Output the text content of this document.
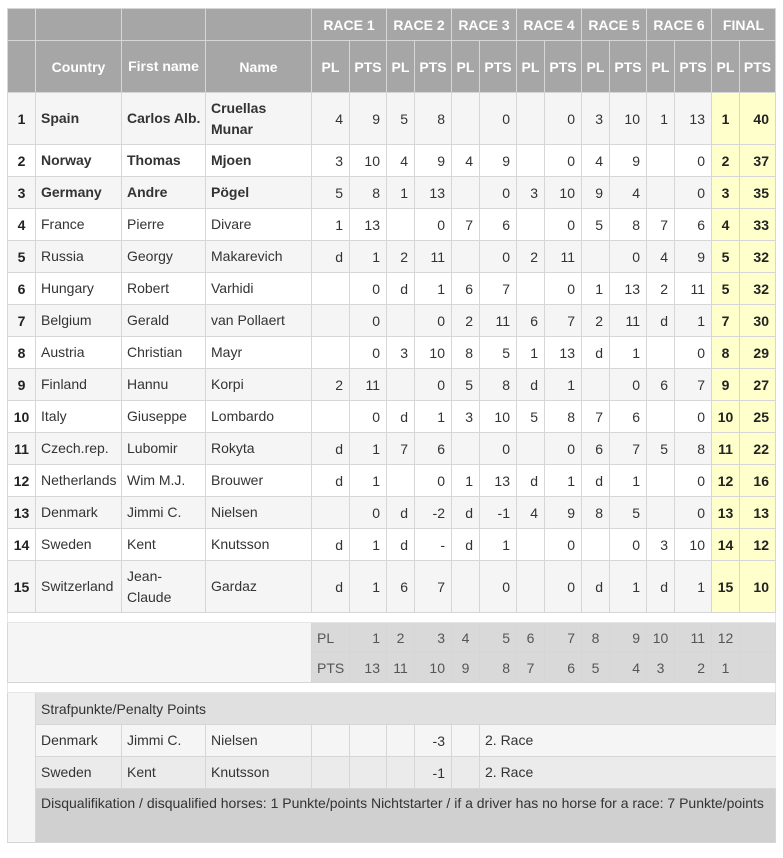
				RACE 1		RACE 2		RACE 3		RACE 4		RACE 5		RACE 6		FINAL	
	Country	First name	Name	PL	PTS	PL	PTS	PL	PTS	PL	PTS	PL	PTS	PL	PTS	PL	PTS
1	Spain	Carlos Alb.	Cruellas Munar	4	9	5	8		0		0	3	10	1	13	1	40
2	Norway	Thomas	Mjoen	3	10	4	9	4	9		0	4	9		0	2	37
3	Germany	Andre	Pögel	5	8	1	13		0	3	10	9	4		0	3	35
4	France	Pierre	Divare	1	13		0	7	6		0	5	8	7	6	4	33
5	Russia	Georgy	Makarevich	d	1	2	11		0	2	11		0	4	9	5	32
6	Hungary	Robert	Varhidi		0	d	1	6	7		0	1	13	2	11	5	32
7	Belgium	Gerald	van Pollaert		0		0	2	11	6	7	2	11	d	1	7	30
8	Austria	Christian	Mayr		0	3	10	8	5	1	13	d	1		0	8	29
9	Finland	Hannu	Korpi	2	11		0	5	8	d	1		0	6	7	9	27
10	Italy	Giuseppe	Lombardo		0	d	1	3	10	5	8	7	6		0	10	25
11	Czech.rep.	Lubomir	Rokyta	d	1	7	6		0		0	6	7	5	8	11	22
12	Netherlands	Wim M.J.	Brouwer	d	1		0	1	13	d	1	d	1		0	12	16
13	Denmark	Jimmi C.	Nielsen		0	d	-2	d	-1	4	9	8	5		0	13	13
14	Sweden	Kent	Knutsson	d	1	d	-	d	1		0		0	3	10	14	12
15	Switzerland	Jean-Claude	Gardaz	d	1	6	7		0		0	d	1	d	1	15	10

				PL	1	2	3	4	5	6	7	8	9	10	11	12	
				PTS	13	11	10	9	8	7	6	5	4	3	2	1	

	Strafpunkte/Penalty Points																
	Denmark	Jimmi C.	Nielsen				-3		2. Race								
	Sweden	Kent	Knutsson				-1		2. Race								
	Disqualifikation / disqualified horses: 1 Punkte/points Nichtstarter / if a driver has no horse for a race: 7 Punkte/points																
